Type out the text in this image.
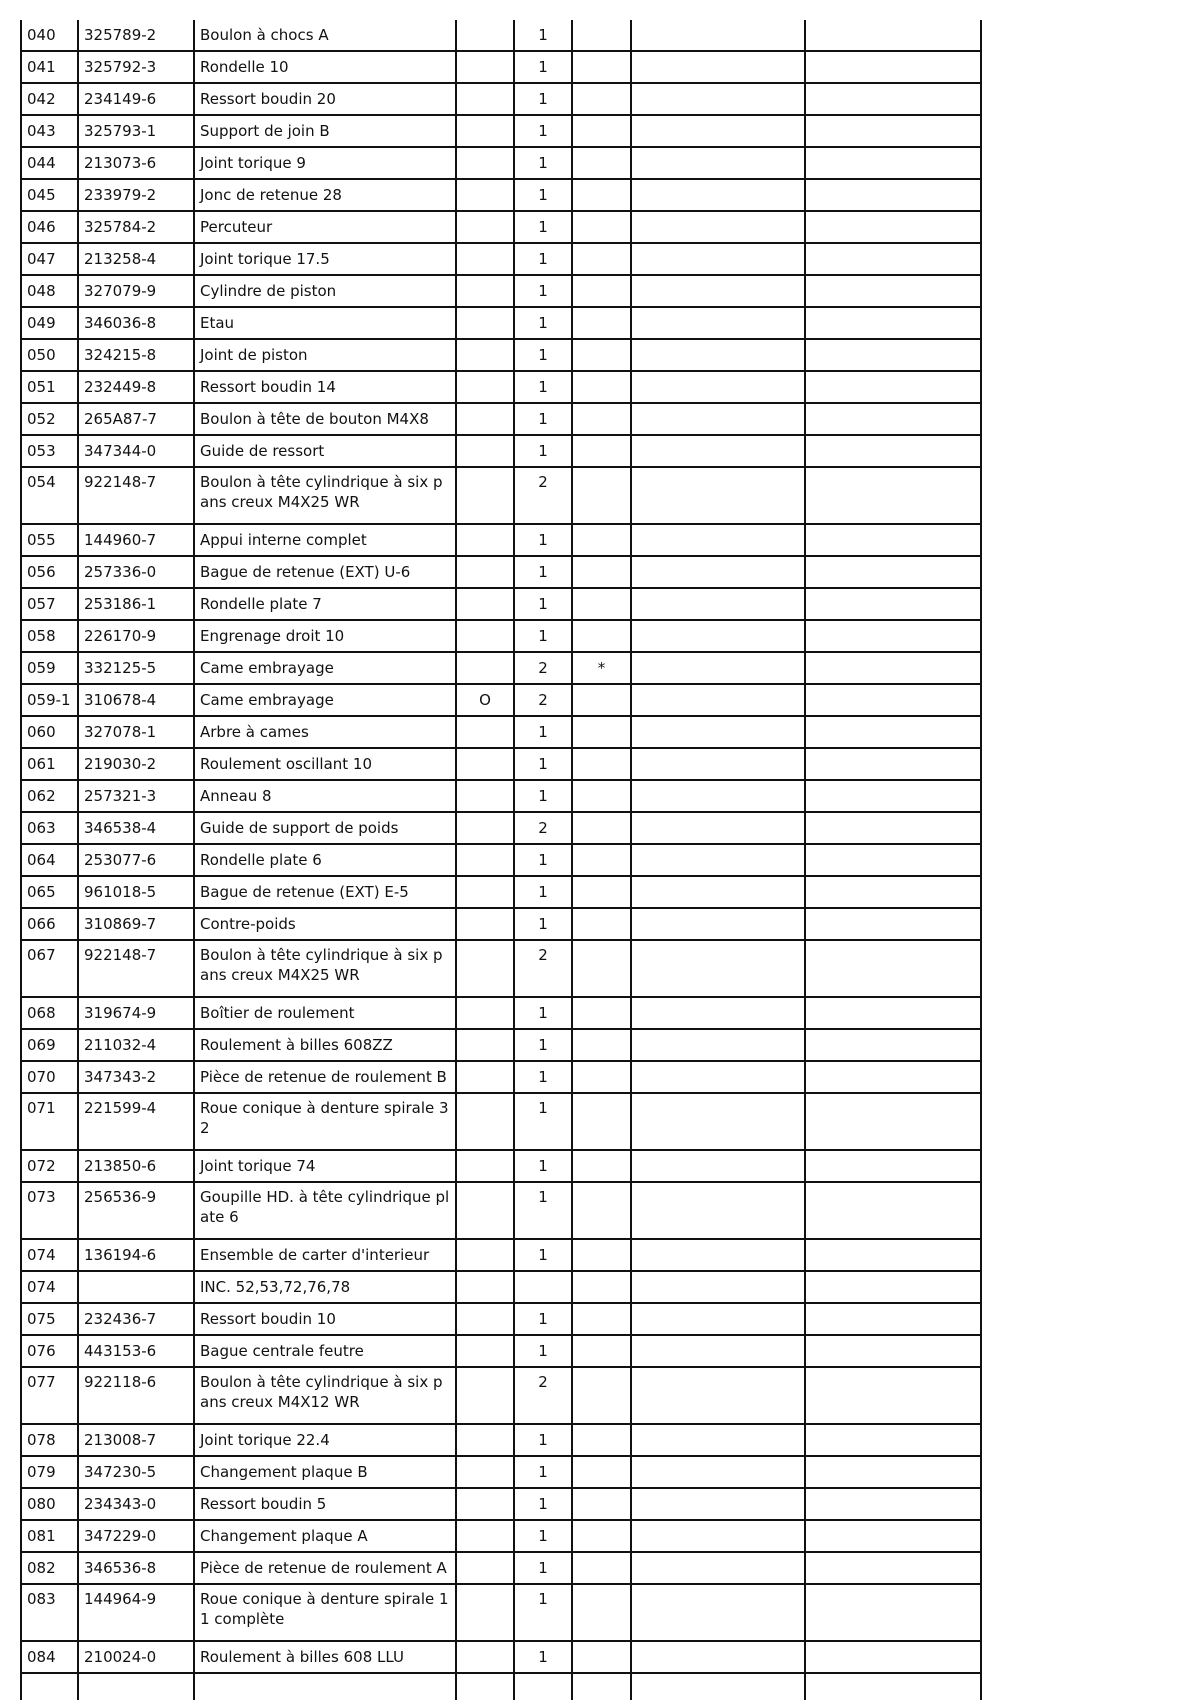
040	325789-2	Boulon à chocs A		1			
041	325792-3	Rondelle 10		1			
042	234149-6	Ressort boudin 20		1			
043	325793-1	Support de join B		1			
044	213073-6	Joint torique 9		1			
045	233979-2	Jonc de retenue 28		1			
046	325784-2	Percuteur		1			
047	213258-4	Joint torique 17.5		1			
048	327079-9	Cylindre de piston		1			
049	346036-8	Etau		1			
050	324215-8	Joint de piston		1			
051	232449-8	Ressort boudin 14		1			
052	265A87-7	Boulon à tête de bouton M4X8		1			
053	347344-0	Guide de ressort		1			
054	922148-7	Boulon à tête cylindrique à six pans creux M4X25 WR		2			
055	144960-7	Appui interne complet		1			
056	257336-0	Bague de retenue (EXT) U-6		1			
057	253186-1	Rondelle plate 7		1			
058	226170-9	Engrenage droit 10		1			
059	332125-5	Came embrayage		2	*		
059-1	310678-4	Came embrayage	O	2			
060	327078-1	Arbre à cames		1			
061	219030-2	Roulement oscillant 10		1			
062	257321-3	Anneau 8		1			
063	346538-4	Guide de support de poids		2			
064	253077-6	Rondelle plate 6		1			
065	961018-5	Bague de retenue (EXT) E-5		1			
066	310869-7	Contre-poids		1			
067	922148-7	Boulon à tête cylindrique à six pans creux M4X25 WR		2			
068	319674-9	Boîtier de roulement		1			
069	211032-4	Roulement à billes 608ZZ		1			
070	347343-2	Pièce de retenue de roulement B		1			
071	221599-4	Roue conique à denture spirale 32		1			
072	213850-6	Joint torique 74		1			
073	256536-9	Goupille HD. à tête cylindrique plate 6		1			
074	136194-6	Ensemble de carter d'interieur		1			
074		INC. 52,53,72,76,78					
075	232436-7	Ressort boudin 10		1			
076	443153-6	Bague centrale feutre		1			
077	922118-6	Boulon à tête cylindrique à six pans creux M4X12 WR		2			
078	213008-7	Joint torique 22.4		1			
079	347230-5	Changement plaque B		1			
080	234343-0	Ressort boudin 5		1			
081	347229-0	Changement plaque A		1			
082	346536-8	Pièce de retenue de roulement A		1			
083	144964-9	Roue conique à denture spirale 11 complète		1			
084	210024-0	Roulement à billes 608 LLU		1			
